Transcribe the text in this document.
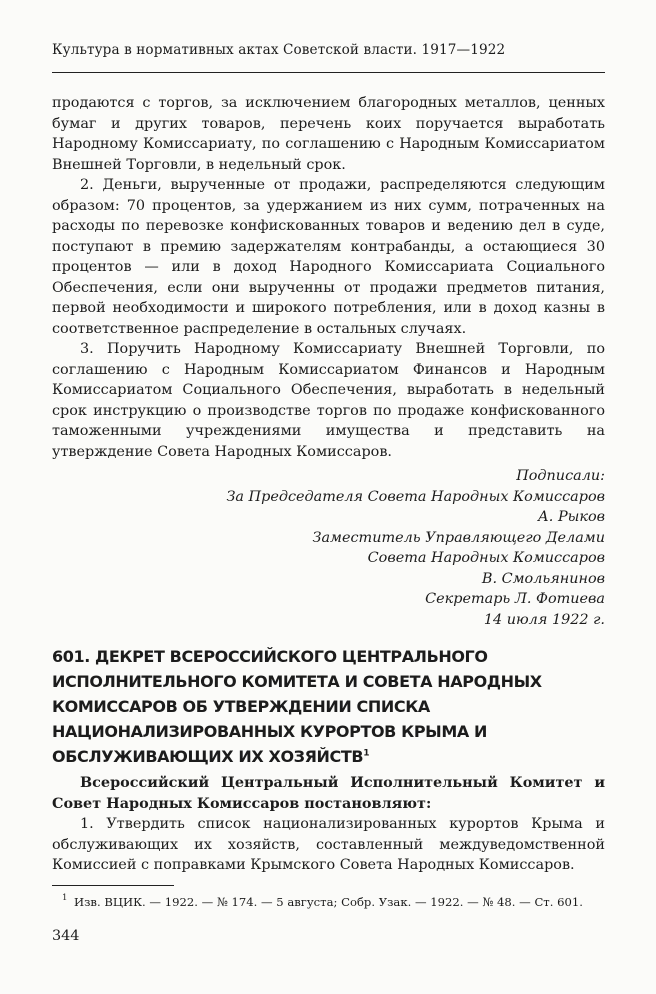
Культура в нормативных актах Советской власти. 1917—1922

продаются с торгов, за исключением благородных металлов, ценных бумаг и других товаров, перечень коих поручается выработать Народному Комиссариату, по соглашению с Народным Комиссариатом Внешней Торговли, в недельный срок.

2. Деньги, вырученные от продажи, распределяются следующим образом: 70 процентов, за удержанием из них сумм, потраченных на расходы по перевозке конфискованных товаров и ведению дел в суде, поступают в премию задержателям контрабанды, а остающиеся 30 процентов — или в доход Народного Комиссариата Социального Обеспечения, если они вырученны от продажи предметов питания, первой необходимости и широкого потребления, или в доход казны в соответственное распределение в остальных случаях.

3. Поручить Народному Комиссариату Внешней Торговли, по соглашению с Народным Комиссариатом Финансов и Народным Комиссариатом Социального Обеспечения, выработать в недельный срок инструкцию о производстве торгов по продаже конфискованного таможенными учреждениями имущества и представить на утверждение Совета Народных Комиссаров.

Подписали:
За Председателя Совета Народных Комиссаров
А. Рыков
Заместитель Управляющего Делами
Совета Народных Комиссаров
В. Смольянинов
Секретарь Л. Фотиева
14 июля 1922 г.
601. ДЕКРЕТ ВСЕРОССИЙСКОГО ЦЕНТРАЛЬНОГО ИСПОЛНИТЕЛЬНОГО КОМИТЕТА И СОВЕТА НАРОДНЫХ КОМИССАРОВ ОБ УТВЕРЖДЕНИИ СПИСКА НАЦИОНАЛИЗИРОВАННЫХ КУРОРТОВ КРЫМА И ОБСЛУЖИВАЮЩИХ ИХ ХОЗЯЙСТВ$^1$

Всероссийский Центральный Исполнительный Комитет и Совет Народных Комиссаров постановляют:

1. Утвердить список национализированных курортов Крыма и обслуживающих их хозяйств, составленный междуведомственной Комиссией с поправками Крымского Совета Народных Комиссаров.

1 Изв. ВЦИК. — 1922. — № 174. — 5 августа; Собр. Узак. — 1922. — № 48. — Ст. 601.
344
